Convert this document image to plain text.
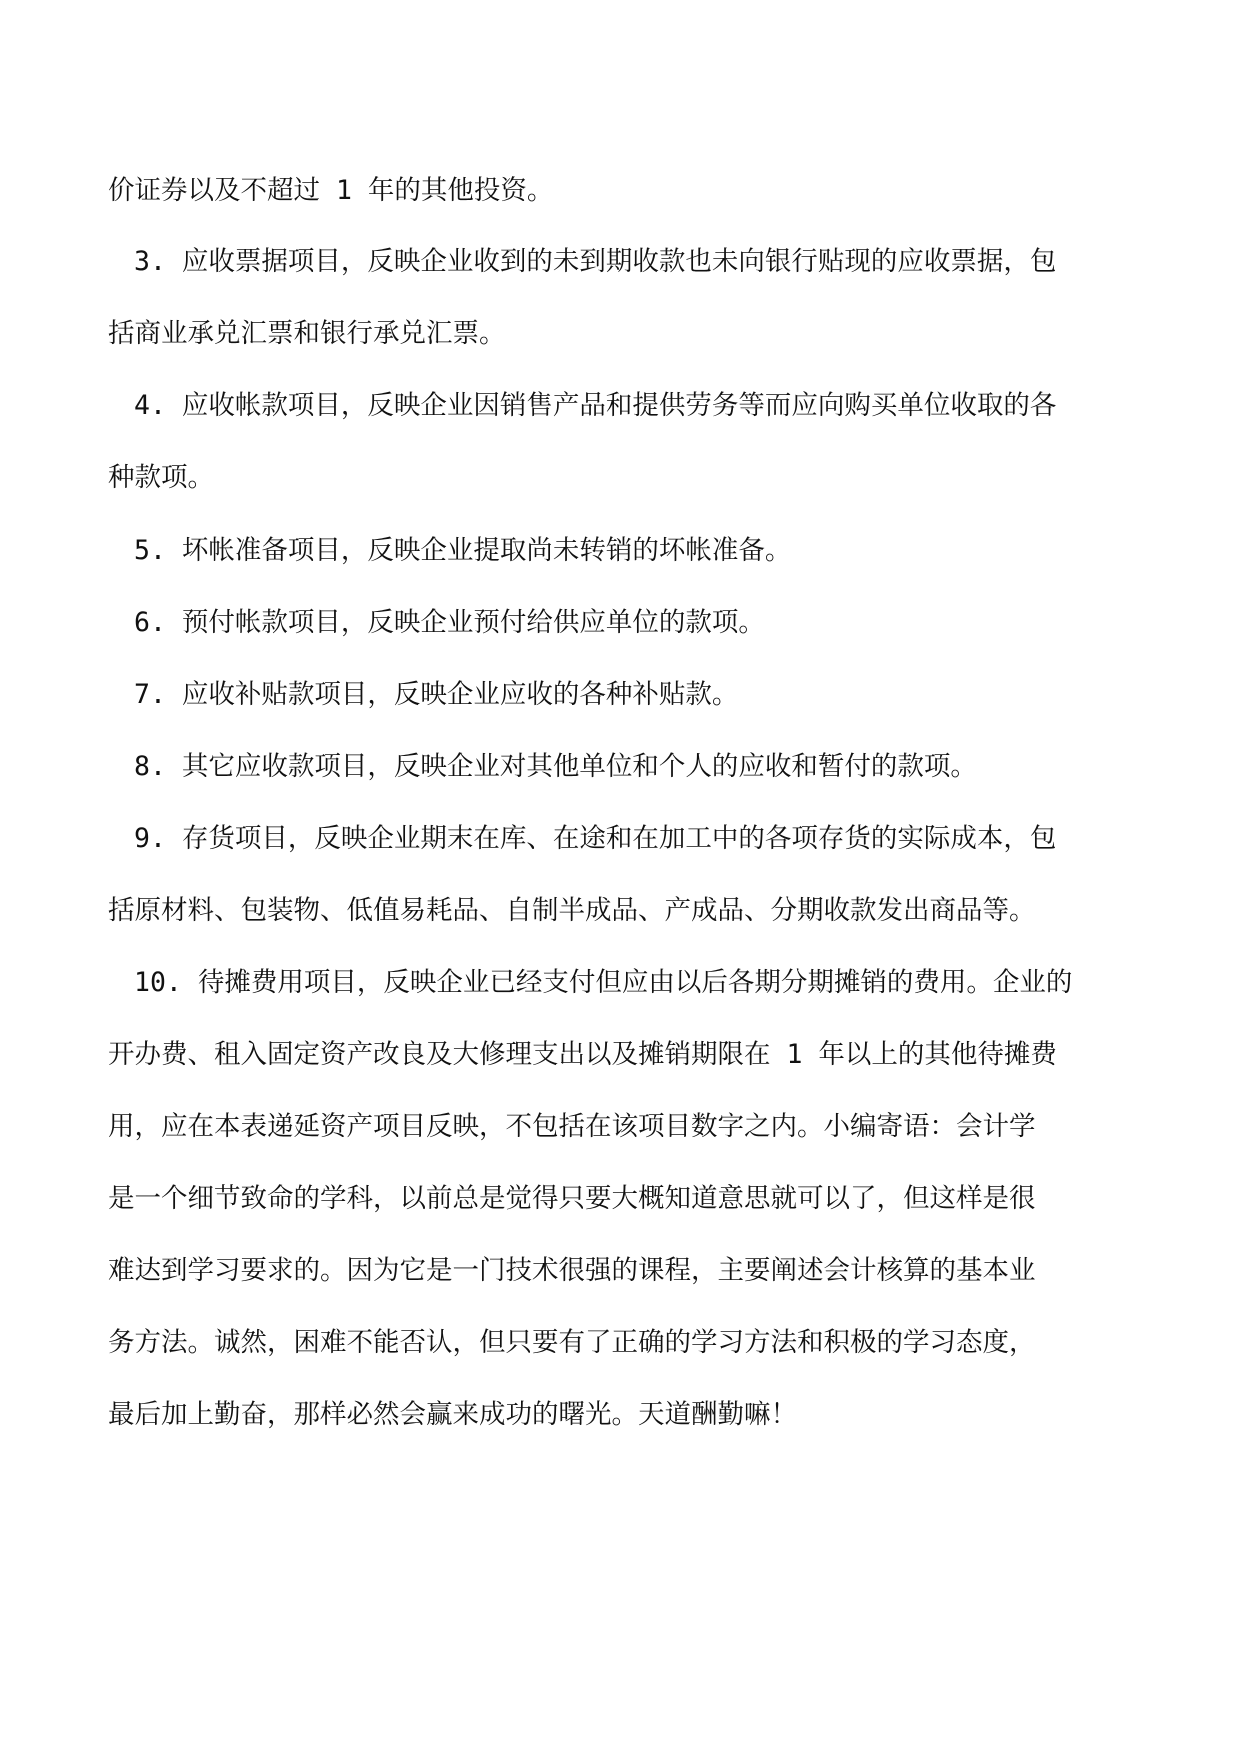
价证券以及不超过 1 年的其他投资。
3. 应收票据项目，反映企业收到的未到期收款也未向银行贴现的应收票据，包
括商业承兑汇票和银行承兑汇票。
4. 应收帐款项目，反映企业因销售产品和提供劳务等而应向购买单位收取的各
种款项。
5. 坏帐准备项目，反映企业提取尚未转销的坏帐准备。
6. 预付帐款项目，反映企业预付给供应单位的款项。
7. 应收补贴款项目，反映企业应收的各种补贴款。
8. 其它应收款项目，反映企业对其他单位和个人的应收和暂付的款项。
9. 存货项目，反映企业期末在库、在途和在加工中的各项存货的实际成本，包
括原材料、包装物、低值易耗品、自制半成品、产成品、分期收款发出商品等。
10. 待摊费用项目，反映企业已经支付但应由以后各期分期摊销的费用。企业的
开办费、租入固定资产改良及大修理支出以及摊销期限在 1 年以上的其他待摊费
用，应在本表递延资产项目反映，不包括在该项目数字之内。小编寄语：会计学
是一个细节致命的学科，以前总是觉得只要大概知道意思就可以了，但这样是很
难达到学习要求的。因为它是一门技术很强的课程，主要阐述会计核算的基本业
务方法。诚然，困难不能否认，但只要有了正确的学习方法和积极的学习态度，
最后加上勤奋，那样必然会赢来成功的曙光。天道酬勤嘛！
